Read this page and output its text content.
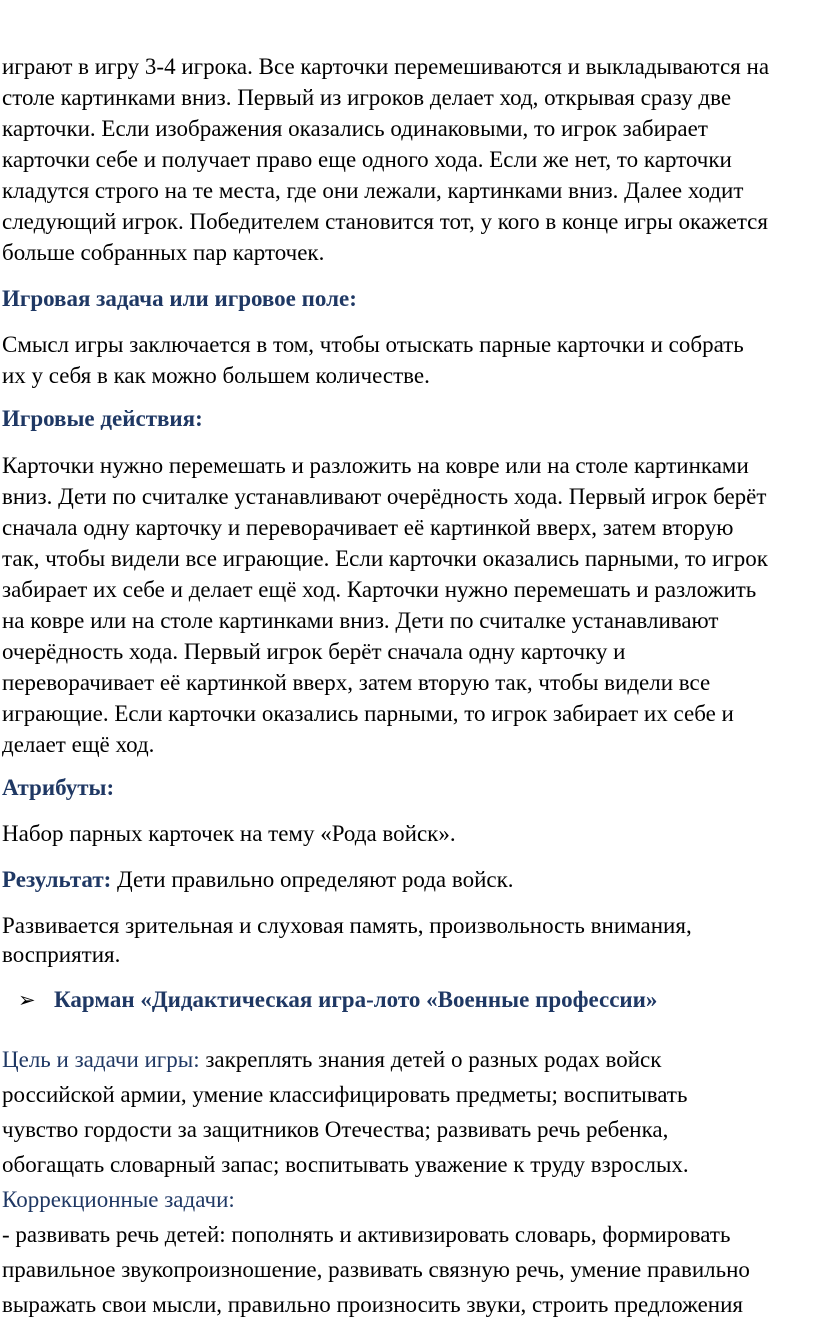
играют в игру 3-4 игрока. Все карточки перемешиваются и выкладываются на
столе картинками вниз. Первый из игроков делает ход, открывая сразу две
карточки. Если изображения оказались одинаковыми, то игрок забирает
карточки себе и получает право еще одного хода. Если же нет, то карточки
кладутся строго на те места, где они лежали, картинками вниз. Далее ходит
следующий игрок. Победителем становится тот, у кого в конце игры окажется
больше собранных пар карточек.
Игровая задача или игровое поле:
Смысл игры заключается в том, чтобы отыскать парные карточки и собрать
их у себя в как можно большем количестве.
Игровые действия:
Карточки нужно перемешать и разложить на ковре или на столе картинками
вниз. Дети по считалке устанавливают очерёдность хода. Первый игрок берёт
сначала одну карточку и переворачивает её картинкой вверх, затем вторую
так, чтобы видели все играющие. Если карточки оказались парными, то игрок
забирает их себе и делает ещё ход. Карточки нужно перемешать и разложить
на ковре или на столе картинками вниз. Дети по считалке устанавливают
очерёдность хода. Первый игрок берёт сначала одну карточку и
переворачивает её картинкой вверх, затем вторую так, чтобы видели все
играющие. Если карточки оказались парными, то игрок забирает их себе и
делает ещё ход.
Атрибуты:
Набор парных карточек на тему «Рода войск».
Результат: Дети правильно определяют рода войск.
Развивается зрительная и слуховая память, произвольность внимания,
восприятия.
➢ Карман «Дидактическая игра-лото «Военные профессии»
Цель и задачи игры: закреплять знания детей о разных родах войск
российской армии, умение классифицировать предметы; воспитывать
чувство гордости за защитников Отечества; развивать речь ребенка,
обогащать словарный запас; воспитывать уважение к труду взрослых.
Коррекционные задачи:
- развивать речь детей: пополнять и активизировать словарь, формировать
правильное звукопроизношение, развивать связную речь, умение правильно
выражать свои мысли, правильно произносить звуки, строить предложения
